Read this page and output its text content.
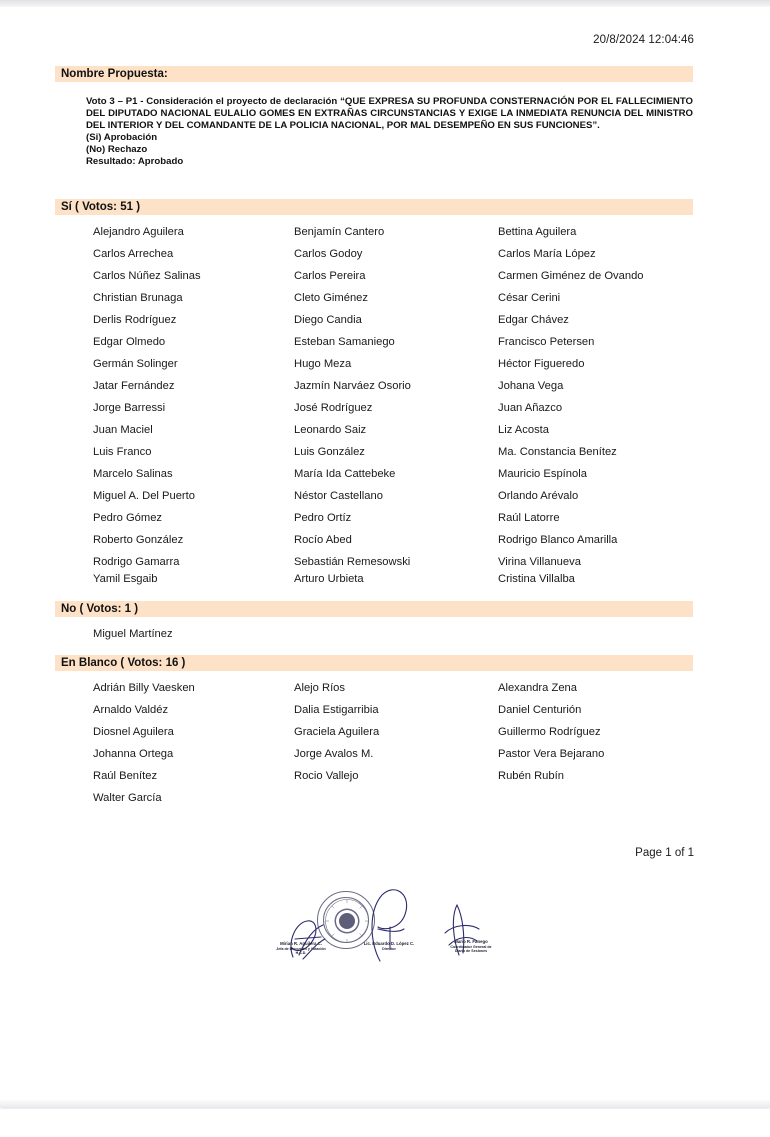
20/8/2024 12:04:46
Nombre Propuesta:

Voto 3 – P1 - Consideración el proyecto de declaración “QUE EXPRESA SU PROFUNDA CONSTERNACIÓN POR EL FALLECIMIENTO DEL DIPUTADO NACIONAL EULALIO GOMES EN EXTRAÑAS CIRCUNSTANCIAS Y EXIGE LA INMEDIATA RENUNCIA DEL MINISTRO DEL INTERIOR Y DEL COMANDANTE DE LA POLICIA NACIONAL, POR MAL DESEMPEÑO EN SUS FUNCIONES”.

(Si) Aprobación

(No) Rechazo

Resultado: Aprobado

Sí ( Votos: 51 )
Alejandro Aguilera	Benjamín Cantero	Bettina Aguilera
Carlos Arrechea	Carlos Godoy	Carlos María López
Carlos Núñez Salinas	Carlos Pereira	Carmen Giménez de Ovando
Christian Brunaga	Cleto Giménez	César Cerini
Derlis Rodríguez	Diego Candia	Edgar Chávez
Edgar Olmedo	Esteban Samaniego	Francisco Petersen
Germán Solinger	Hugo Meza	Héctor Figueredo
Jatar Fernández	Jazmín Narváez Osorio	Johana Vega
Jorge Barressi	José Rodríguez	Juan Añazco
Juan Maciel	Leonardo Saiz	Liz Acosta
Luis Franco	Luis González	Ma. Constancia Benítez
Marcelo Salinas	María Ida Cattebeke	Mauricio Espínola
Miguel A. Del Puerto	Néstor Castellano	Orlando Arévalo
Pedro Gómez	Pedro Ortíz	Raúl Latorre
Roberto González	Rocío Abed	Rodrigo Blanco Amarilla
Rodrigo Gamarra	Sebastián Remesowski	Virina Villanueva
Yamil Esgaib	Arturo Urbieta	Cristina Villalba
No ( Votos: 1 )
Miguel Martínez
En Blanco ( Votos: 16 )
Adrián Billy Vaesken	Alejo Ríos	Alexandra Zena
Arnaldo Valdéz	Dalia Estigarribia	Daniel Centurión
Diosnel Aguilera	Graciela Aguilera	Guillermo Rodríguez
Johanna Ortega	Jorge Avalos M.	Pastor Vera Bejarano
Raúl Benítez	Rocio Vallejo	Rubén Rubín
Walter García
Page 1 of 1
Mirian R. Aguilera C.
Jefa de Discusión y Votación
H.C.D.
Lic. Eduardo D. López C.
Director
Mario R. Fanego
Coordinador General de
Diario de Sesiones
